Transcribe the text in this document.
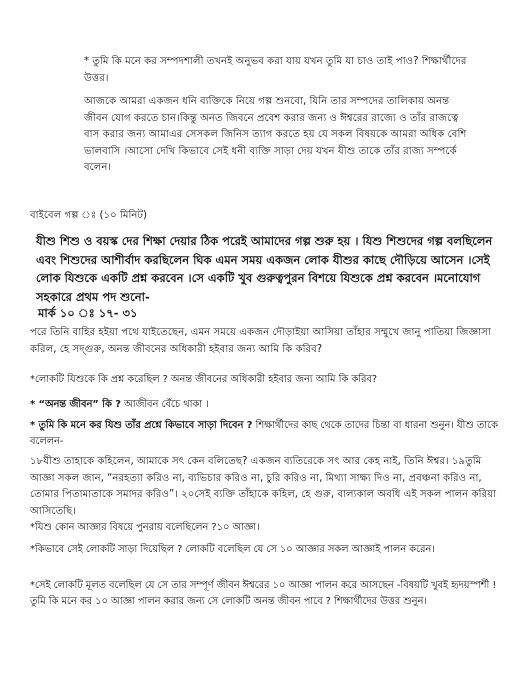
* তুমি কি মনে কর সম্পদশালী তখনই অনুভব করা যায় যখন তুমি যা চাও তাই পাও? শিক্ষার্থীদের উত্তর।
আজকে আমরা একজন ধনি ব্যক্তিকে নিয়ে গল্প শুনবো, যিনি তার সম্পদের তালিকায় অনন্ত জীবন যোগ করতে চান।কিন্তু অনত জিবনে প্রবেশ করার জন্য ও ঈশ্বরের রাজ্যে ও তাঁর রাজত্বে বাস করার জন্য আমাএর সেসকল জিনিস ত্যাগ করতে হয় যে সকল বিষয়কে আমরা অধিক বেশি ভালবাসি ।আসো দেখি কিভাবে সেই ধনী ব্যক্তি সাড়া দেয় যখন যীশু তাকে তাঁর রাজ্য সম্পর্কে বলেন।
বাইবেল গল্প ঃ (১০ মিনিট)
যীশু শিশু ও বয়স্ক দের শিক্ষা দেয়ার ঠিক পরেই আমাদের গল্প শুরু হয় । যিশু শিশুদের গল্প বলছিলেন এবং শিশুদের আশীর্বাদ করছিলেন ঘিক এমন সময় একজন লোক যীশুর কাছে দৌড়িয়ে আসেন ।সেই লোক যিশুকে একটি প্রশ্ন করবেন ।সে একটি খুব গুরুত্বপুরন বিশয়ে যিশুকে প্রশ্ন করবেন ।মনোযোগ সহকারে প্রথম পদ শুনো-
মার্ক ১০ ঃ ১৭- ৩১
পরে তিনি বাহির হইয়া পথে যাইতেছেন, এমন সময়ে একজন দৌড়াইয়া আসিয়া তাঁহার সম্মুখে জানু পাতিয়া জিজ্ঞাসা করিল, হে সদ্গুরু, অনন্ত জীবনের অধিকারী হইবার জন্য আমি কি করিব?
*লোকটি যিশুকে কি প্রশ্ন করেছিল ? অনন্ত জীবনের অধিকারী হইবার জন্য আমি কি করিব?
* “অনন্ত জীবন” কি ? আজীবন বেঁচে থাকা ।
* তুমি কি মনে কর যিশু তাঁর প্রশ্নে কিভাবে সাড়া দিবেন ? শিক্ষার্থীদের কাছ থেকে তাদের চিন্তা বা ধারনা শুনুন। যীশু তাকে বলেলন-
১৮যীশু তাহাকে কহিলেন, আমাকে সৎ কেন বলিতেছ? একজন ব্যতিরেকে সৎ আর কেহ নাই, তিনি ঈশ্বর। ১৯তুমি আজ্ঞা সকল জান, “নরহত্যা করিও না, ব্যভিচার করিও না, চুরি করিও না, মিথ্যা সাক্ষ্য দিও না, প্রবঞ্চনা করিও না, তোমার পিতামাতাকে সমাদর করিও”। ২০সেই ব্যক্তি তাঁহাকে কহিল, হে গুরু, বাল্যকাল অবধি এই সকল পালন করিয়া আসিতেছি।
*যিশু কোন আজ্ঞার বিষয়ে পুনরায় বলেছিলেন ?১০ আজ্ঞা।
*কিভাবে সেই লোকটি সাড়া দিয়েছিল ? লোকটি বলেছিল যে সে ১০ আজ্ঞার সকল আজ্ঞাই পালন করেন।
*সেই লোকটি মূলত বলেছিল যে সে তার সম্পূর্ণ জীবন ঈশ্বরের ১০ আজ্ঞা পালন করে আসছেন -বিষয়টি খুবই হৃদয়স্পর্শী ! তুমি কি মনে কর ১০ আজ্ঞা পালন করার জন্য সে লোকটি অনন্ত জীবন পাবে ? শিক্ষার্থীদের উত্তর শুনুন।
